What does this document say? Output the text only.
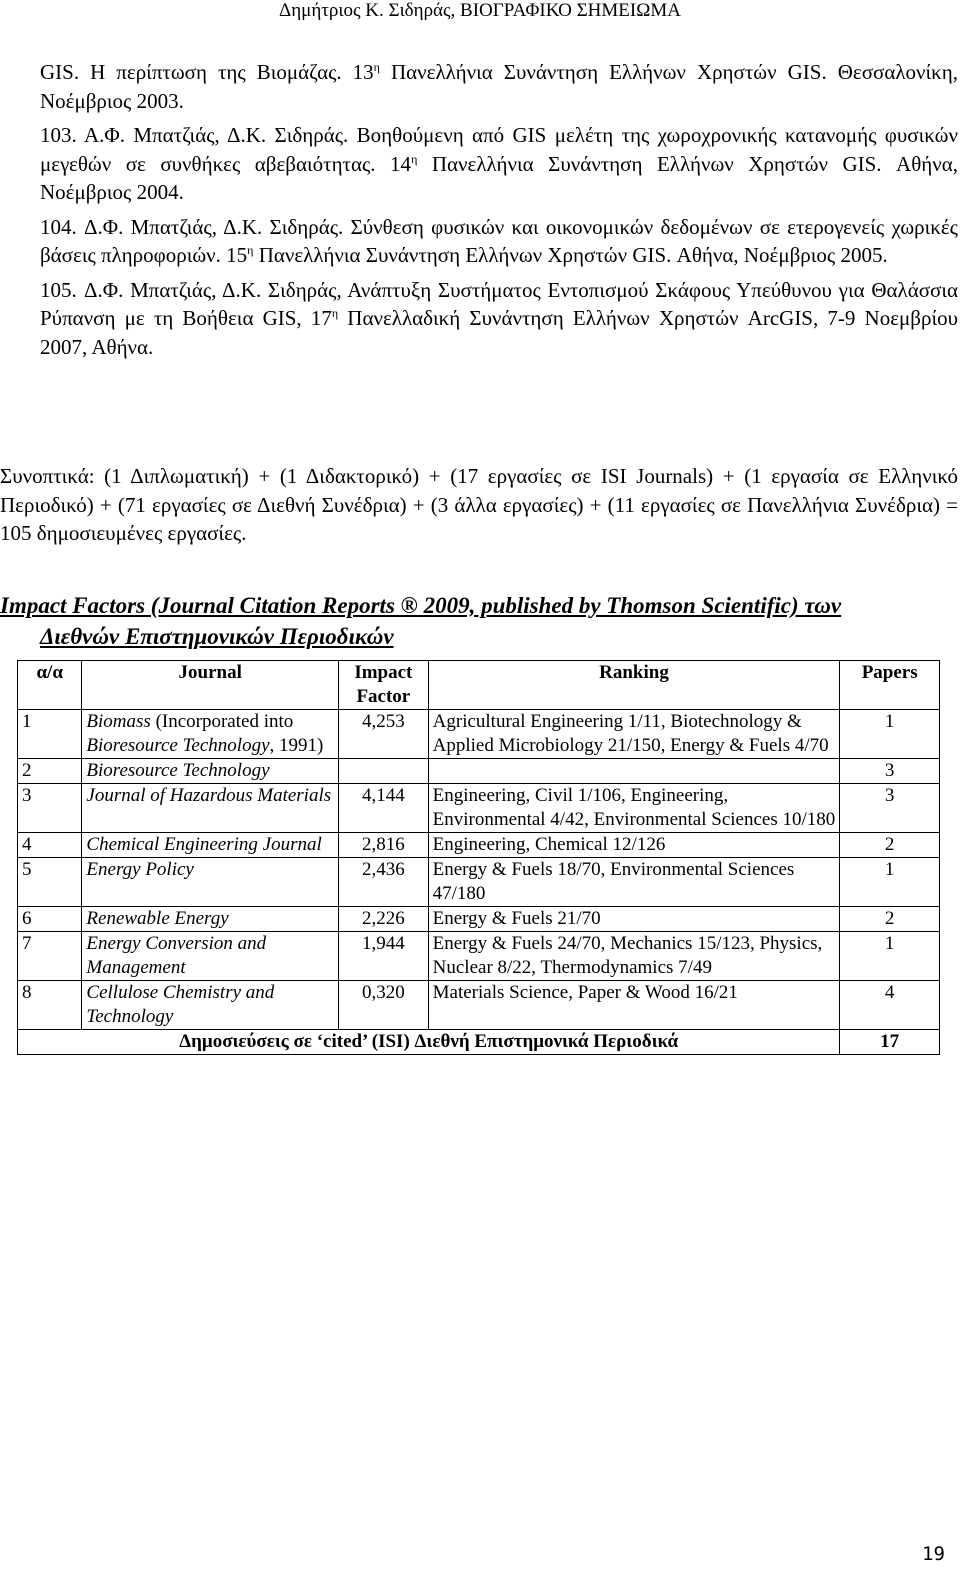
Δημήτριος Κ. Σιδηράς, ΒΙΟΓΡΑΦΙΚΟ ΣΗΜΕΙΩΜΑ

GIS. Η περίπτωση της Βιομάζας. $13^\eta$ Πανελλήνια Συνάντηση Ελλήνων Χρηστών GIS. Θεσσαλονίκη, Νοέμβριος 2003.

103. Α.Φ. Μπατζιάς, Δ.Κ. Σιδηράς. Βοηθούμενη από GIS μελέτη της χωροχρονικής κατανομής φυσικών μεγεθών σε συνθήκες αβεβαιότητας. $14^\eta$ Πανελλήνια Συνάντηση Ελλήνων Χρηστών GIS. Αθήνα, Νοέμβριος 2004.

104. Δ.Φ. Μπατζιάς, Δ.Κ. Σιδηράς. Σύνθεση φυσικών και οικονομικών δεδομένων σε ετερογενείς χωρικές βάσεις πληροφοριών. $15^\eta$ Πανελλήνια Συνάντηση Ελλήνων Χρηστών GIS. Αθήνα, Νοέμβριος 2005.

105. Δ.Φ. Μπατζιάς, Δ.Κ. Σιδηράς, Ανάπτυξη Συστήματος Εντοπισμού Σκάφους Υπεύθυνου για Θαλάσσια Ρύπανση με τη Βοήθεια GIS, $17^\eta$ Πανελλαδική Συνάντηση Ελλήνων Χρηστών ArcGIS, 7-9 Νοεμβρίου 2007, Αθήνα.

Συνοπτικά: (1 Διπλωματική) + (1 Διδακτορικό) + (17 εργασίες σε ISI Journals) + (1 εργασία σε Ελληνικό Περιοδικό) + (71 εργασίες σε Διεθνή Συνέδρια) + (3 άλλα εργασίες) + (11 εργασίες σε Πανελλήνια Συνέδρια) = 105 δημοσιευμένες εργασίες.
Impact Factors (Journal Citation Reports ® 2009, published by Thomson Scientific) των
Διεθνών Επιστημονικών Περιοδικών
α/α	Journal	Impact Factor	Ranking	Papers
1	Biomass (Incorporated into Bioresource Technology, 1991)	4,253	Agricultural Engineering 1/11, Biotechnology & Applied Microbiology 21/150, Energy & Fuels 4/70	1
2	Bioresource Technology			3
3	Journal of Hazardous Materials	4,144	Engineering, Civil 1/106, Engineering, Environmental 4/42, Environmental Sciences 10/180	3
4	Chemical Engineering Journal	2,816	Engineering, Chemical 12/126	2
5	Energy Policy	2,436	Energy & Fuels 18/70, Environmental Sciences 47/180	1
6	Renewable Energy	2,226	Energy & Fuels 21/70	2
7	Energy Conversion and Management	1,944	Energy & Fuels 24/70, Mechanics 15/123, Physics, Nuclear 8/22, Thermodynamics 7/49	1
8	Cellulose Chemistry and Technology	0,320	Materials Science, Paper & Wood 16/21	4
Δημοσιεύσεις σε ‘cited’ (ISI) Διεθνή Επιστημονικά Περιοδικά				17
19
